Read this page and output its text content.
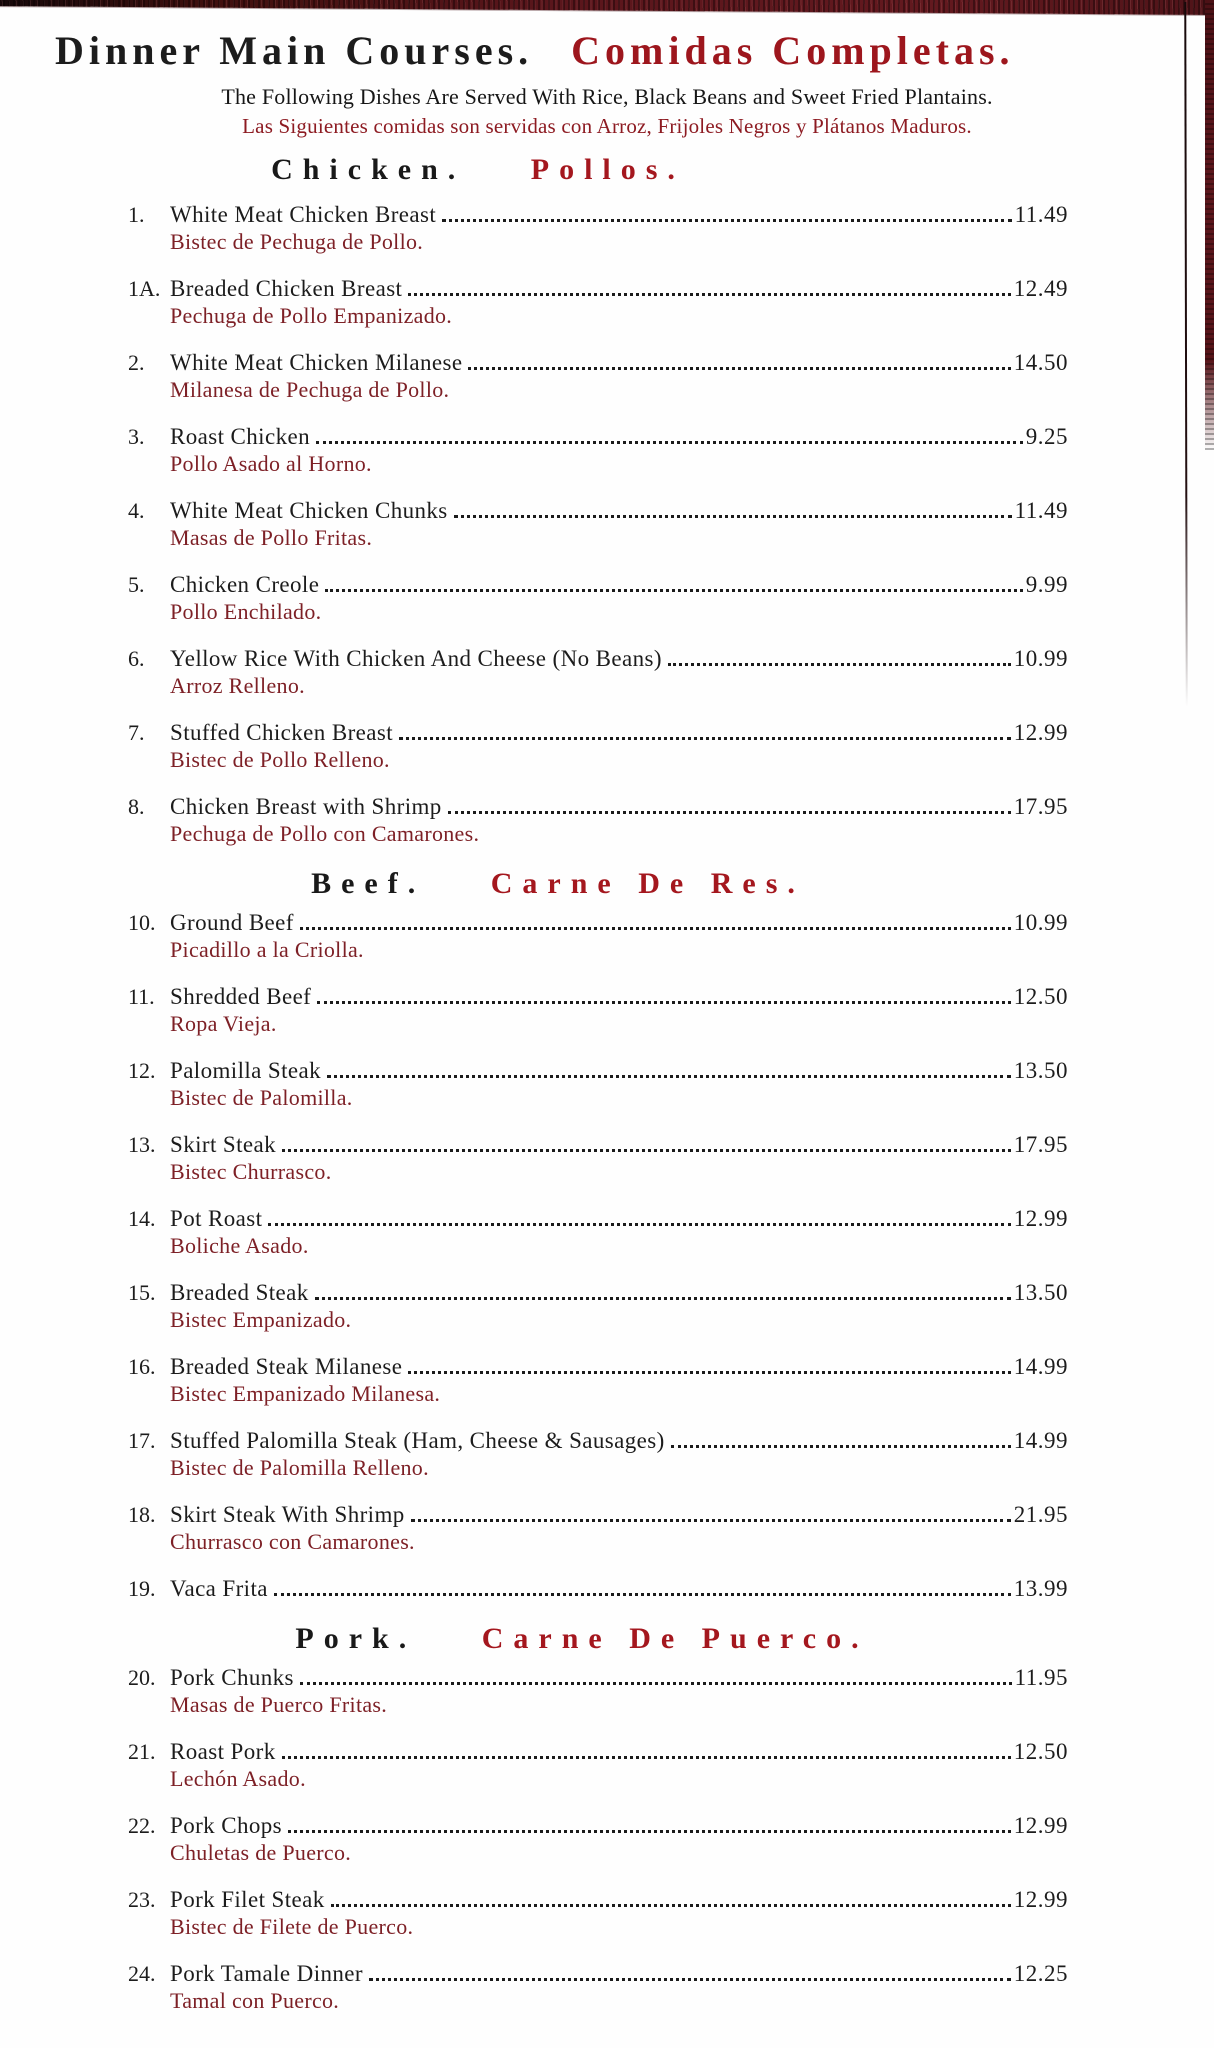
Dinner Main Courses. Comidas Completas.
The Following Dishes Are Served With Rice, Black Beans and Sweet Fried Plantains.
Las Siguientes comidas son servidas con Arroz, Frijoles Negros y Plátanos Maduros.
Chicken. Pollos.
1.	White Meat Chicken Breast	11.49
Bistec de Pechuga de Pollo.
1A. Breaded Chicken Breast	12.49
Pechuga de Pollo Empanizado.
2.	White Meat Chicken Milanese	14.50
Milanesa de Pechuga de Pollo.
3.	Roast Chicken	9.25
Pollo Asado al Horno.
4.	White Meat Chicken Chunks	11.49
Masas de Pollo Fritas.
5.	Chicken Creole	9.99
Pollo Enchilado.
6.	Yellow Rice With Chicken And Cheese (No Beans)	10.99
Arroz Relleno.
7.	Stuffed Chicken Breast	12.99
Bistec de Pollo Relleno.
8.	Chicken Breast with Shrimp	17.95
Pechuga de Pollo con Camarones.
Beef. Carne De Res.
10. Ground Beef	10.99
Picadillo a la Criolla.
11. Shredded Beef	12.50
Ropa Vieja.
12. Palomilla Steak	13.50
Bistec de Palomilla.
13. Skirt Steak	17.95
Bistec Churrasco.
14. Pot Roast	12.99
Boliche Asado.
15. Breaded Steak	13.50
Bistec Empanizado.
16. Breaded Steak Milanese	14.99
Bistec Empanizado Milanesa.
17. Stuffed Palomilla Steak (Ham, Cheese & Sausages)	14.99
Bistec de Palomilla Relleno.
18. Skirt Steak With Shrimp	21.95
Churrasco con Camarones.
19. Vaca Frita	13.99
Pork. Carne De Puerco.
20. Pork Chunks	11.95
Masas de Puerco Fritas.
21. Roast Pork	12.50
Lechón Asado.
22. Pork Chops	12.99
Chuletas de Puerco.
23. Pork Filet Steak	12.99
Bistec de Filete de Puerco.
24. Pork Tamale Dinner	12.25
Tamal con Puerco.
